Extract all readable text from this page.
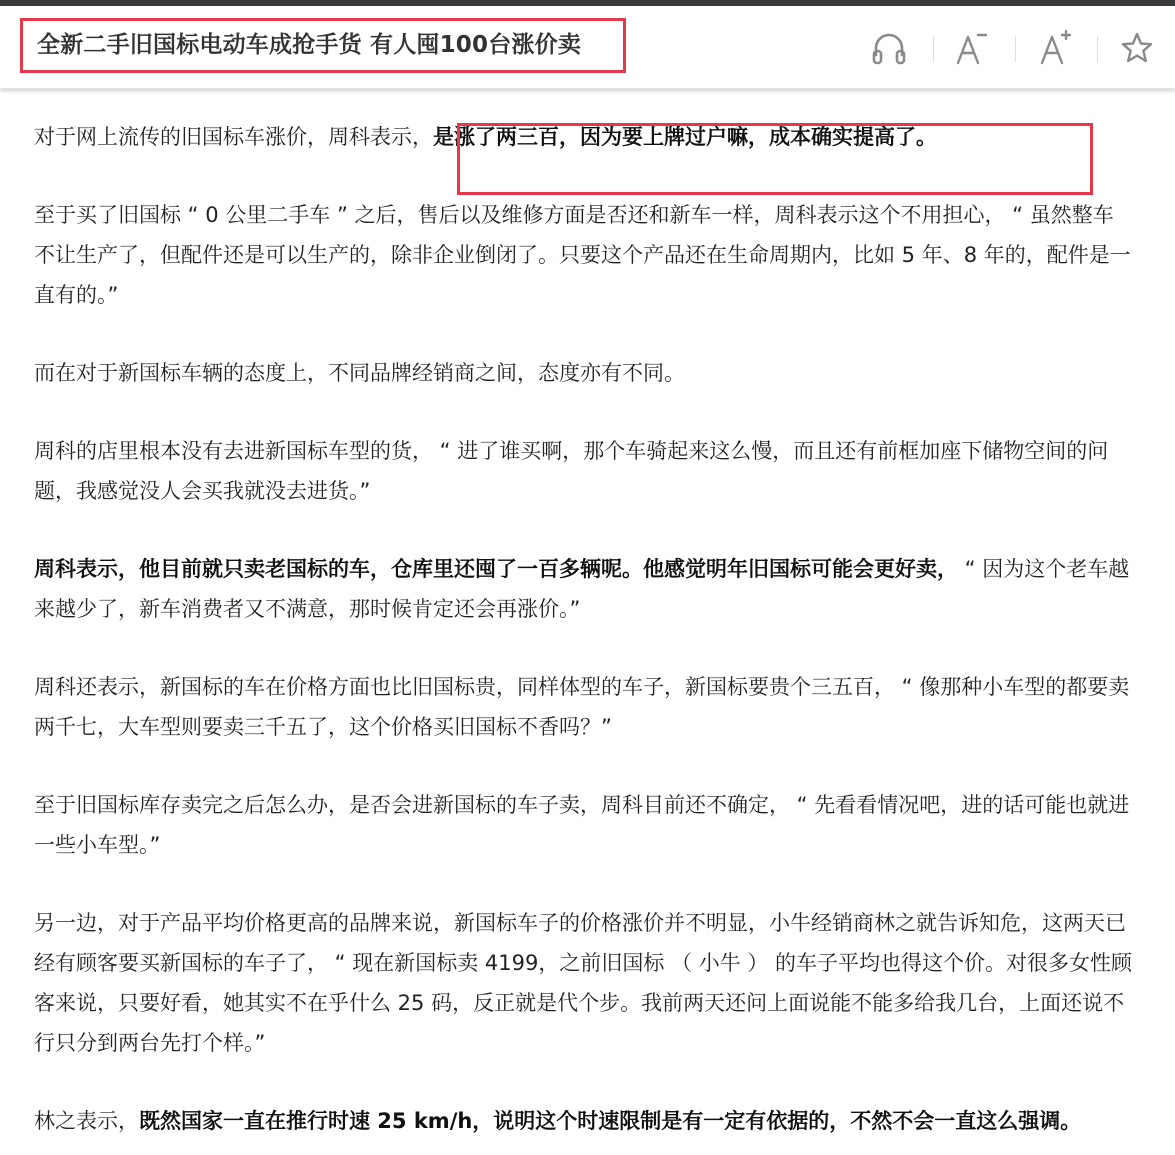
全新二手旧国标电动车成抢手货 有人囤100台涨价卖

对于网上流传的旧国标车涨价，周科表示，是涨了两三百，因为要上牌过户嘛，成本确实提高了。

至于买了旧国标 “ 0 公里二手车 ” 之后，售后以及维修方面是否还和新车一样，周科表示这个不用担心， “ 虽然整车不让生产了，但配件还是可以生产的，除非企业倒闭了。只要这个产品还在生命周期内，比如 5 年、8 年的，配件是一直有的。”

而在对于新国标车辆的态度上，不同品牌经销商之间，态度亦有不同。

周科的店里根本没有去进新国标车型的货， “ 进了谁买啊，那个车骑起来这么慢，而且还有前框加座下储物空间的问题，我感觉没人会买我就没去进货。”

周科表示，他目前就只卖老国标的车，仓库里还囤了一百多辆呢。他感觉明年旧国标可能会更好卖， “ 因为这个老车越来越少了，新车消费者又不满意，那时候肯定还会再涨价。”

周科还表示，新国标的车在价格方面也比旧国标贵，同样体型的车子，新国标要贵个三五百， “ 像那种小车型的都要卖两千七，大车型则要卖三千五了，这个价格买旧国标不香吗？”

至于旧国标库存卖完之后怎么办，是否会进新国标的车子卖，周科目前还不确定， “ 先看看情况吧，进的话可能也就进一些小车型。”

另一边，对于产品平均价格更高的品牌来说，新国标车子的价格涨价并不明显，小牛经销商林之就告诉知危，这两天已经有顾客要买新国标的车子了， “ 现在新国标卖 4199，之前旧国标 （ 小牛 ） 的车子平均也得这个价。对很多女性顾客来说，只要好看，她其实不在乎什么 25 码，反正就是代个步。我前两天还问上面说能不能多给我几台，上面还说不行只分到两台先打个样。”

林之表示，既然国家一直在推行时速 25 km/h，说明这个时速限制是有一定有依据的，不然不会一直这么强调。
